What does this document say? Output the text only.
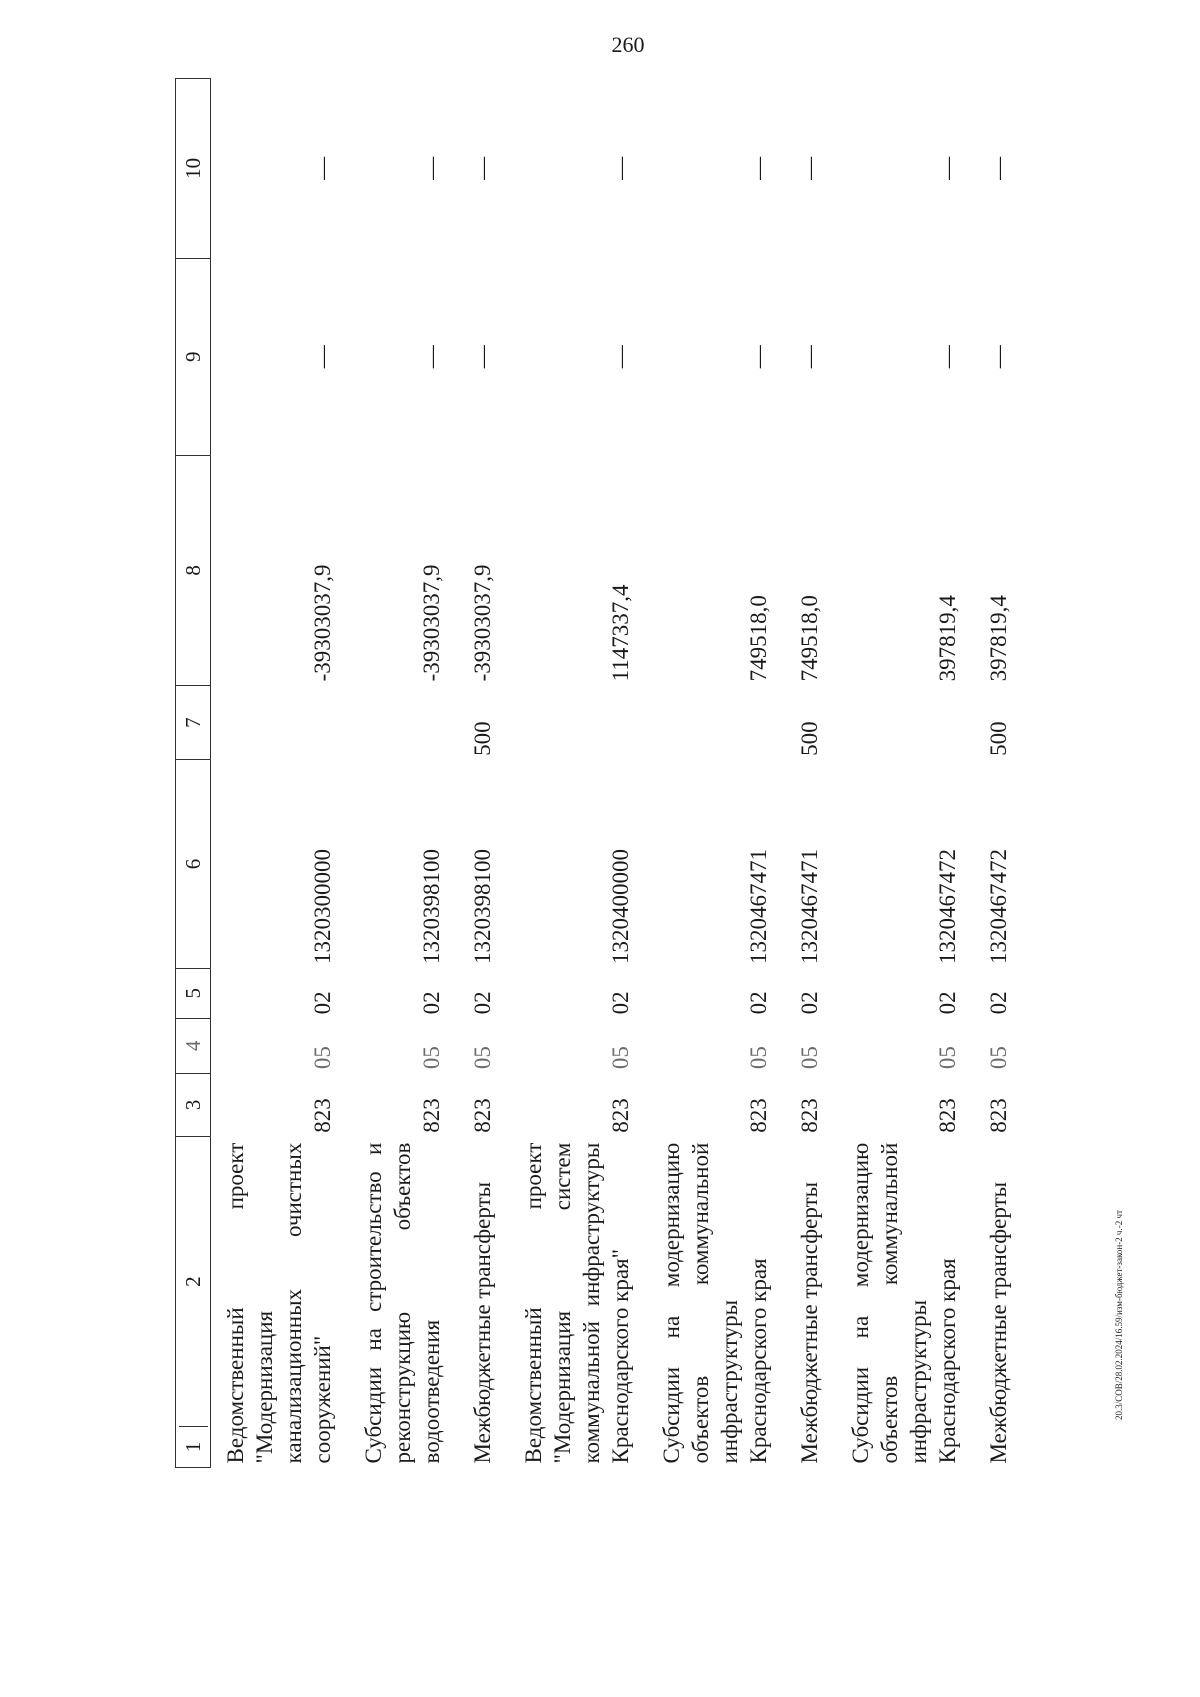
260
20.3/СОВ/28.02.2024/16.59/изм-бюджет-закон-2 ч.-2 чт
1
2	3	4	5	6	7	8	9	10
Ведомственный проект "Модернизация канализационных очистных сооружений"	823	05	02	1320300000		-39303037,9	—	—
Субсидии на строительство и реконструкцию объектов водоотведения	823	05	02	1320398100		-39303037,9	—	—
Межбюджетные трансферты	823	05	02	1320398100	500	-39303037,9	—	—
Ведомственный проект "Модернизация систем коммунальной инфраструктуры Краснодарского края"	823	05	02	1320400000		1147337,4	—	—
Субсидии на модернизацию объектов коммунальной инфраструктуры Краснодарского края	823	05	02	1320467471		749518,0	—	—
Межбюджетные трансферты	823	05	02	1320467471	500	749518,0	—	—
Субсидии на модернизацию объектов коммунальной инфраструктуры Краснодарского края	823	05	02	1320467472		397819,4	—	—
Межбюджетные трансферты	823	05	02	1320467472	500	397819,4	—	—
